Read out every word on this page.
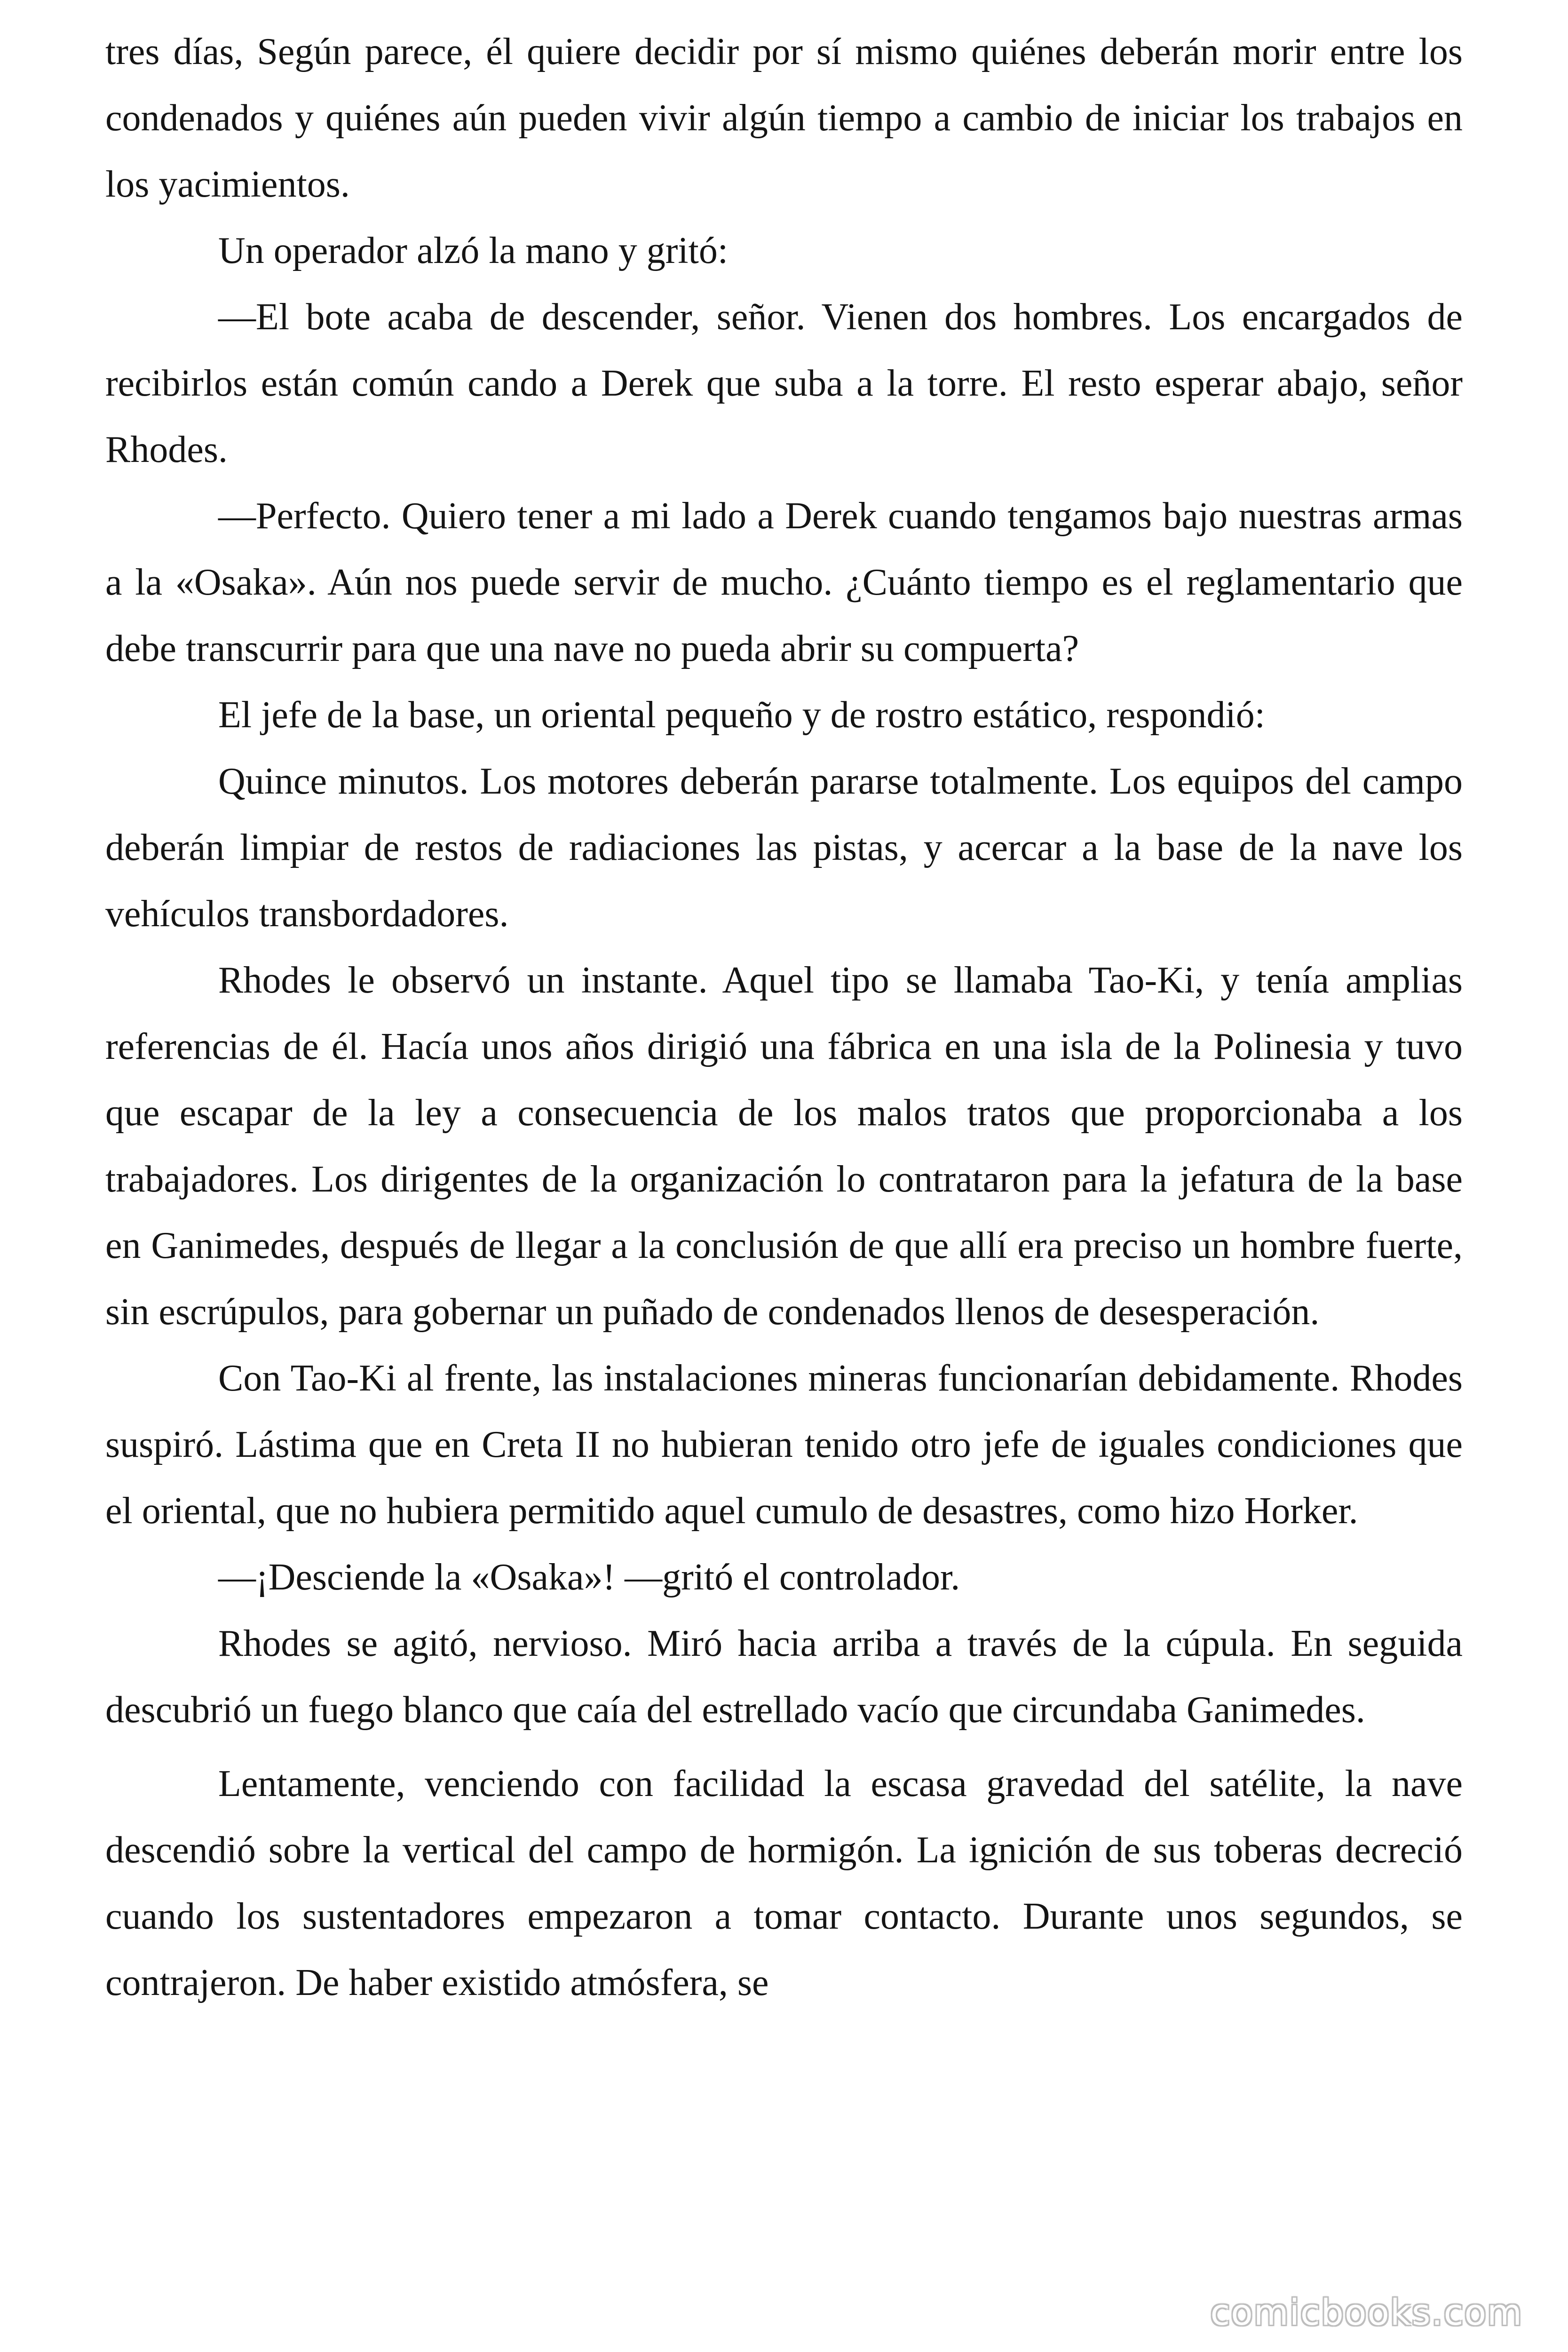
tres días, Según parece, él quiere decidir por sí mismo quiénes deberán morir entre los condenados y quiénes aún pueden vivir algún tiempo a cambio de iniciar los trabajos en los yacimientos.

Un operador alzó la mano y gritó:

—El bote acaba de descender, señor. Vienen dos hombres. Los encargados de recibirlos están común cando a Derek que suba a la torre. El resto esperar abajo, señor Rhodes.

—Perfecto. Quiero tener a mi lado a Derek cuando tengamos bajo nuestras armas a la «Osaka». Aún nos puede servir de mucho. ¿Cuánto tiempo es el reglamentario que debe transcurrir para que una nave no pueda abrir su compuerta?

El jefe de la base, un oriental pequeño y de rostro estático, respondió:

Quince minutos. Los motores deberán pararse totalmente. Los equipos del campo deberán limpiar de restos de radiaciones las pistas, y acercar a la base de la nave los vehículos transbordadores.

Rhodes le observó un instante. Aquel tipo se llamaba Tao-Ki, y tenía amplias referencias de él. Hacía unos años dirigió una fábrica en una isla de la Polinesia y tuvo que escapar de la ley a consecuencia de los malos tratos que proporcionaba a los trabajadores. Los dirigentes de la organización lo contrataron para la jefatura de la base en Ganimedes, después de llegar a la conclusión de que allí era preciso un hombre fuerte, sin escrúpulos, para gobernar un puñado de condenados llenos de desesperación.

Con Tao-Ki al frente, las instalaciones mineras funcionarían debidamente. Rhodes suspiró. Lástima que en Creta II no hubieran tenido otro jefe de iguales condiciones que el oriental, que no hubiera permitido aquel cumulo de desastres, como hizo Horker.

—¡Desciende la «Osaka»! —gritó el controlador.

Rhodes se agitó, nervioso. Miró hacia arriba a través de la cúpula. En seguida descubrió un fuego blanco que caía del estrellado vacío que circundaba Ganimedes.

Lentamente, venciendo con facilidad la escasa gravedad del satélite, la nave descendió sobre la vertical del campo de hormigón. La ignición de sus toberas decreció cuando los sustentadores empezaron a tomar contacto. Durante unos segundos, se contrajeron. De haber existido atmósfera, se

comicbooks.com
